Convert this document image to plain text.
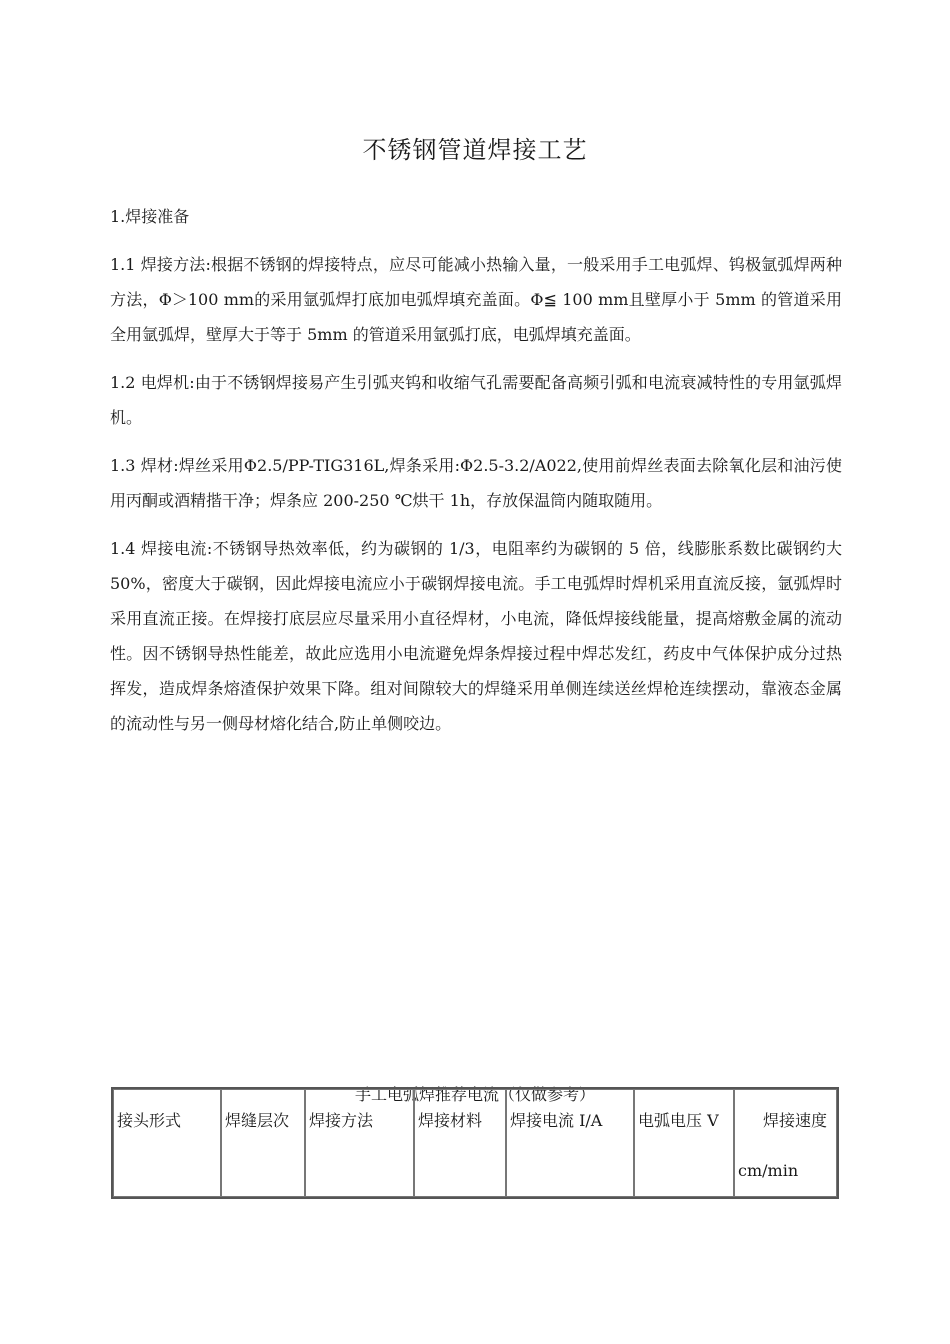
不锈钢管道焊接工艺

1.焊接准备

1.1 焊接方法:根据不锈钢的焊接特点，应尽可能减小热输入量，一般采用手工电弧焊、钨极氩弧焊两种方法，Φ＞100 mm的采用氩弧焊打底加电弧焊填充盖面。Φ≦ 100 mm且壁厚小于 5mm 的管道采用全用氩弧焊，壁厚大于等于 5mm 的管道采用氩弧打底，电弧焊填充盖面。

1.2 电焊机:由于不锈钢焊接易产生引弧夹钨和收缩气孔需要配备高频引弧和电流衰减特性的专用氩弧焊机。

1.3 焊材:焊丝采用Φ2.5/PP-TIG316L,焊条采用:Φ2.5-3.2/A022,使用前焊丝表面去除氧化层和油污使用丙酮或酒精揩干净；焊条应 200-250 ℃烘干 1h，存放保温筒内随取随用。

1.4 焊接电流:不锈钢导热效率低，约为碳钢的 1/3，电阻率约为碳钢的 5 倍，线膨胀系数比碳钢约大 50%，密度大于碳钢，因此焊接电流应小于碳钢焊接电流。手工电弧焊时焊机采用直流反接，氩弧焊时采用直流正接。在焊接打底层应尽量采用小直径焊材，小电流，降低焊接线能量，提高熔敷金属的流动性。因不锈钢导热性能差，故此应选用小电流避免焊条焊接过程中焊芯发红，药皮中气体保护成分过热挥发，造成焊条熔渣保护效果下降。组对间隙较大的焊缝采用单侧连续送丝焊枪连续摆动，靠液态金属的流动性与另一侧母材熔化结合,防止单侧咬边。

手工电弧焊推荐电流（仅做参考）
接头形式	焊缝层次	焊接方法	焊接材料	焊接电流 I/A	电弧电压 V	焊接速度
cm/min
